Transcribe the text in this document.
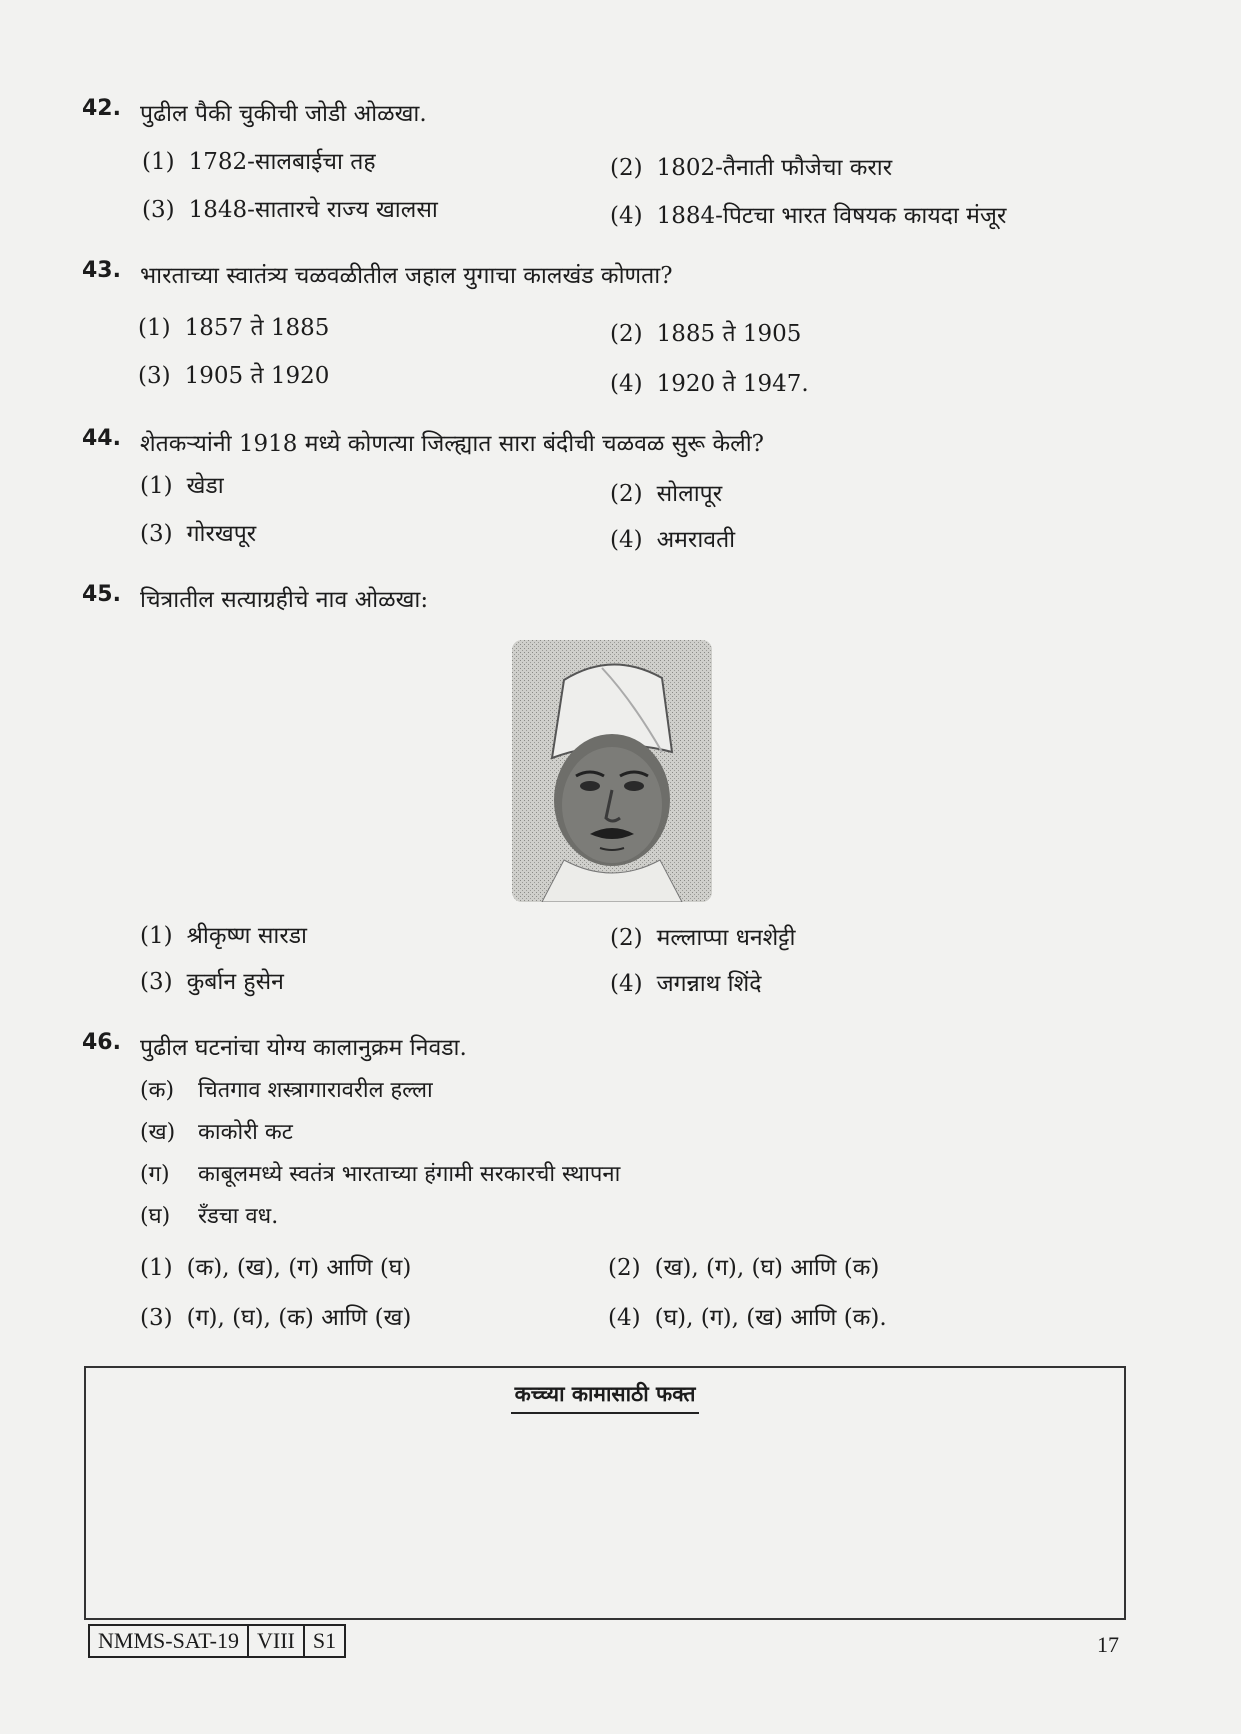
42. पुढील पैकी चुकीची जोडी ओळखा.
(1) 1782-सालबाईचा तह	(2) 1802-तैनाती फौजेचा करार
(3) 1848-सातारचे राज्य खालसा	(4) 1884-पिटचा भारत विषयक कायदा मंजूर
43. भारताच्या स्वातंत्र्य चळवळीतील जहाल युगाचा कालखंड कोणता?
(1) 1857 ते 1885	(2) 1885 ते 1905
(3) 1905 ते 1920	(4) 1920 ते 1947.
44. शेतकऱ्यांनी 1918 मध्ये कोणत्या जिल्ह्यात सारा बंदीची चळवळ सुरू केली?
(1) खेडा	(2) सोलापूर
(3) गोरखपूर	(4) अमरावती
45. चित्रातील सत्याग्रहीचे नाव ओळखा:
(1) श्रीकृष्ण सारडा	(2) मल्लाप्पा धनशेट्टी
(3) कुर्बान हुसेन	(4) जगन्नाथ शिंदे
46. पुढील घटनांचा योग्य कालानुक्रम निवडा.
(क) चितगाव शस्त्रागारावरील हल्ला
(ख) काकोरी कट
(ग) काबूलमध्ये स्वतंत्र भारताच्या हंगामी सरकारची स्थापना
(घ) रँडचा वध.
(1) (क), (ख), (ग) आणि (घ)	(2) (ख), (ग), (घ) आणि (क)
(3) (ग), (घ), (क) आणि (ख)	(4) (घ), (ग), (ख) आणि (क).
कच्च्या कामासाठी फक्त
NMMS-SAT-19	VIII	S1	17
